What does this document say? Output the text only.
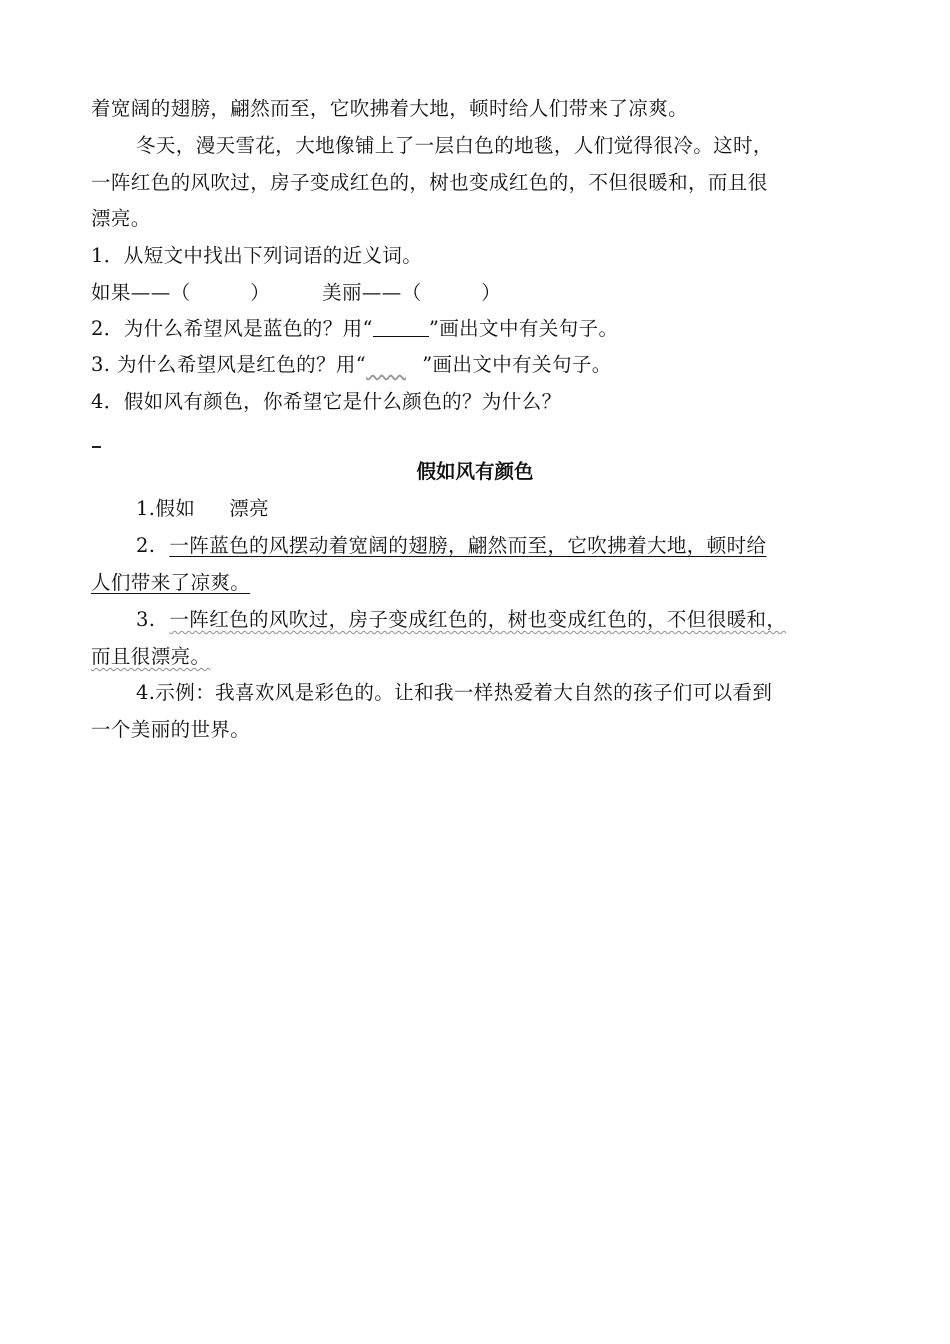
着宽阔的翅膀，翩然而至，它吹拂着大地，顿时给人们带来了凉爽。
冬天，漫天雪花，大地像铺上了一层白色的地毯，人们觉得很冷。这时，
一阵红色的风吹过，房子变成红色的，树也变成红色的，不但很暖和，而且很
漂亮。
1．从短文中找出下列词语的近义词。
如果——（　　　）	美丽——（　　　）
2．为什么希望风是蓝色的？用“	”画出文中有关句子。
3. 为什么希望风是红色的？用“​　　​ ”画出文中有关句子。
4．假如风有颜色，你希望它是什么颜色的？为什么？
假如风有颜色
1.假如 漂亮
2. 一阵蓝色的风摆动着宽阔的翅膀，翩然而至，它吹拂着大地，顿时给
人们带来了凉爽。
3. 一阵红色的风吹过，房子变成红色的，树也变成红色的，不但很暖和，
而且很漂亮。
4.示例：我喜欢风是彩色的。让和我一样热爱着大自然的孩子们可以看到
一个美丽的世界。
